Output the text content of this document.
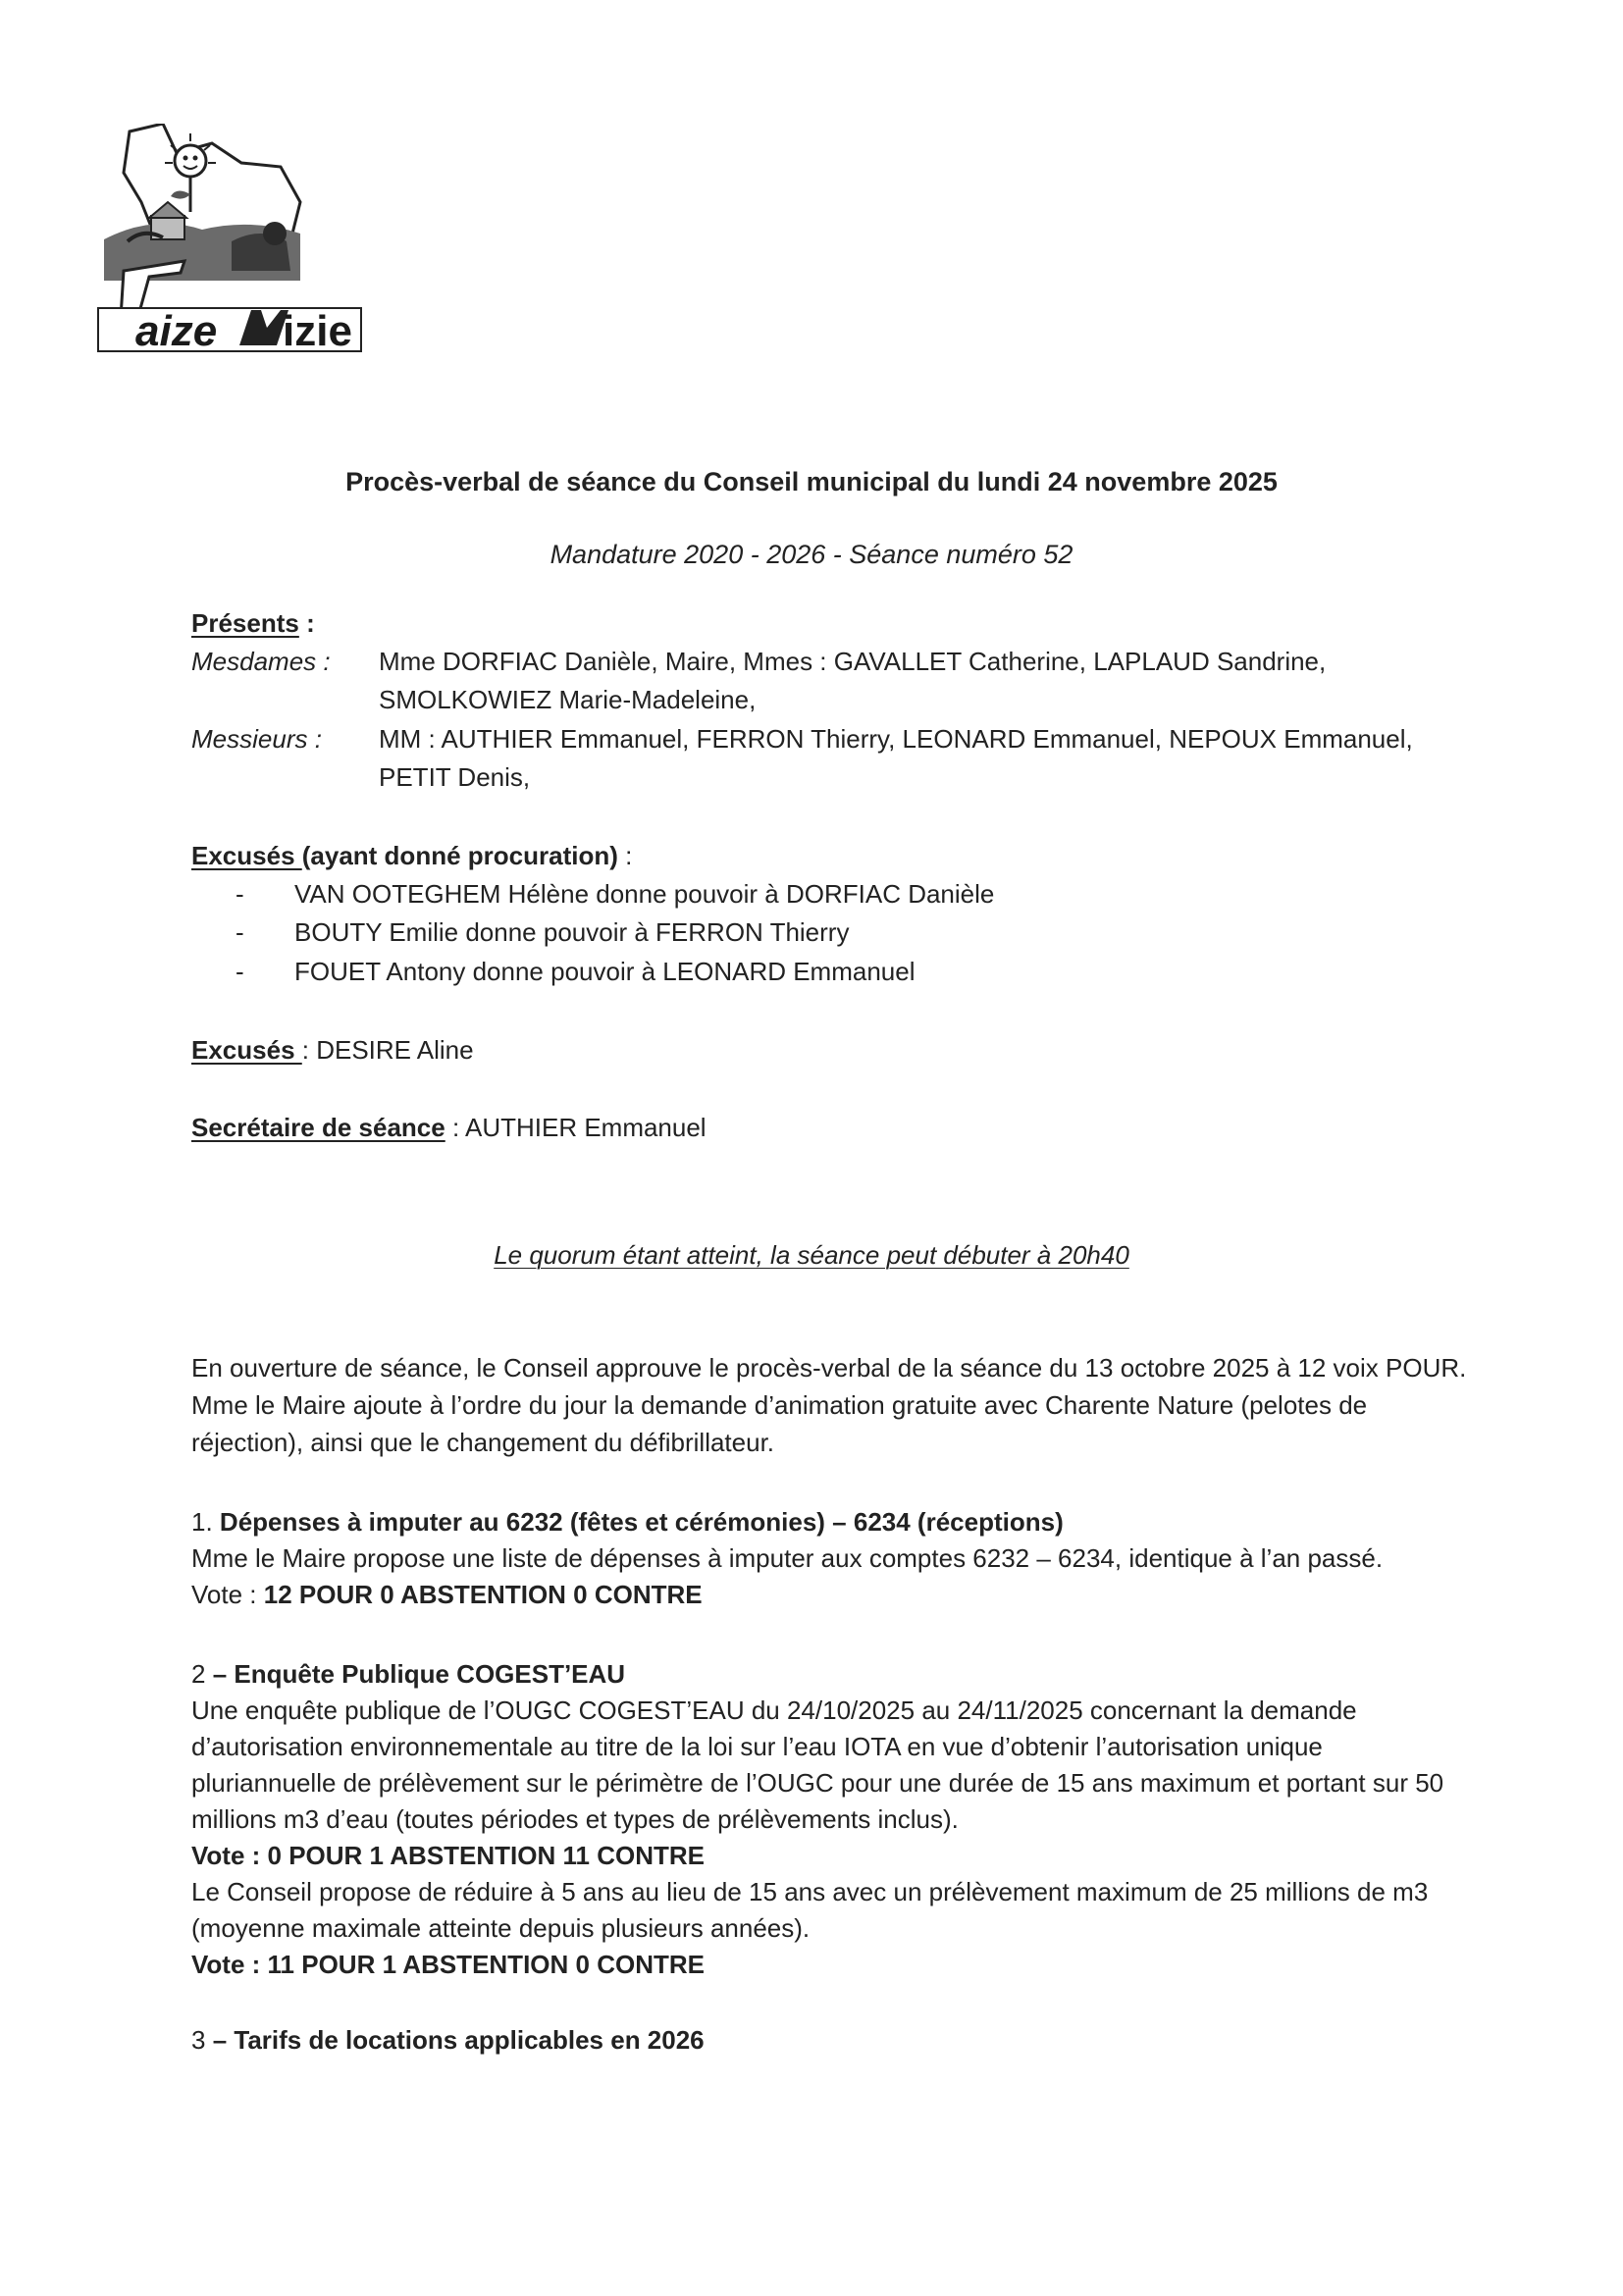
aize izie
Procès-verbal de séance du Conseil municipal du lundi 24 novembre 2025
Mandature 2020 - 2026 - Séance numéro 52
Présents :
Mesdames : Mme DORFIAC Danièle, Maire, Mmes : GAVALLET Catherine, LAPLAUD Sandrine,
SMOLKOWIEZ Marie-Madeleine,
Messieurs : MM : AUTHIER Emmanuel, FERRON Thierry, LEONARD Emmanuel, NEPOUX Emmanuel,
PETIT Denis,
Excusés (ayant donné procuration) :
- VAN OOTEGHEM Hélène donne pouvoir à DORFIAC Danièle
- BOUTY Emilie donne pouvoir à FERRON Thierry
- FOUET Antony donne pouvoir à LEONARD Emmanuel
Excusés : DESIRE Aline
Secrétaire de séance : AUTHIER Emmanuel
Le quorum étant atteint, la séance peut débuter à 20h40
En ouverture de séance, le Conseil approuve le procès-verbal de la séance du 13 octobre 2025 à 12 voix POUR.
Mme le Maire ajoute à l’ordre du jour la demande d’animation gratuite avec Charente Nature (pelotes de
réjection), ainsi que le changement du défibrillateur.
1. Dépenses à imputer au 6232 (fêtes et cérémonies) – 6234 (réceptions)
Mme le Maire propose une liste de dépenses à imputer aux comptes 6232 – 6234, identique à l’an passé.
Vote : 12 POUR 0 ABSTENTION 0 CONTRE
2 – Enquête Publique COGEST’EAU
Une enquête publique de l’OUGC COGEST’EAU du 24/10/2025 au 24/11/2025 concernant la demande
d’autorisation environnementale au titre de la loi sur l’eau IOTA en vue d’obtenir l’autorisation unique
pluriannuelle de prélèvement sur le périmètre de l’OUGC pour une durée de 15 ans maximum et portant sur 50
millions m3 d’eau (toutes périodes et types de prélèvements inclus).
Vote : 0 POUR 1 ABSTENTION 11 CONTRE
Le Conseil propose de réduire à 5 ans au lieu de 15 ans avec un prélèvement maximum de 25 millions de m3
(moyenne maximale atteinte depuis plusieurs années).
Vote : 11 POUR 1 ABSTENTION 0 CONTRE
3 – Tarifs de locations applicables en 2026
